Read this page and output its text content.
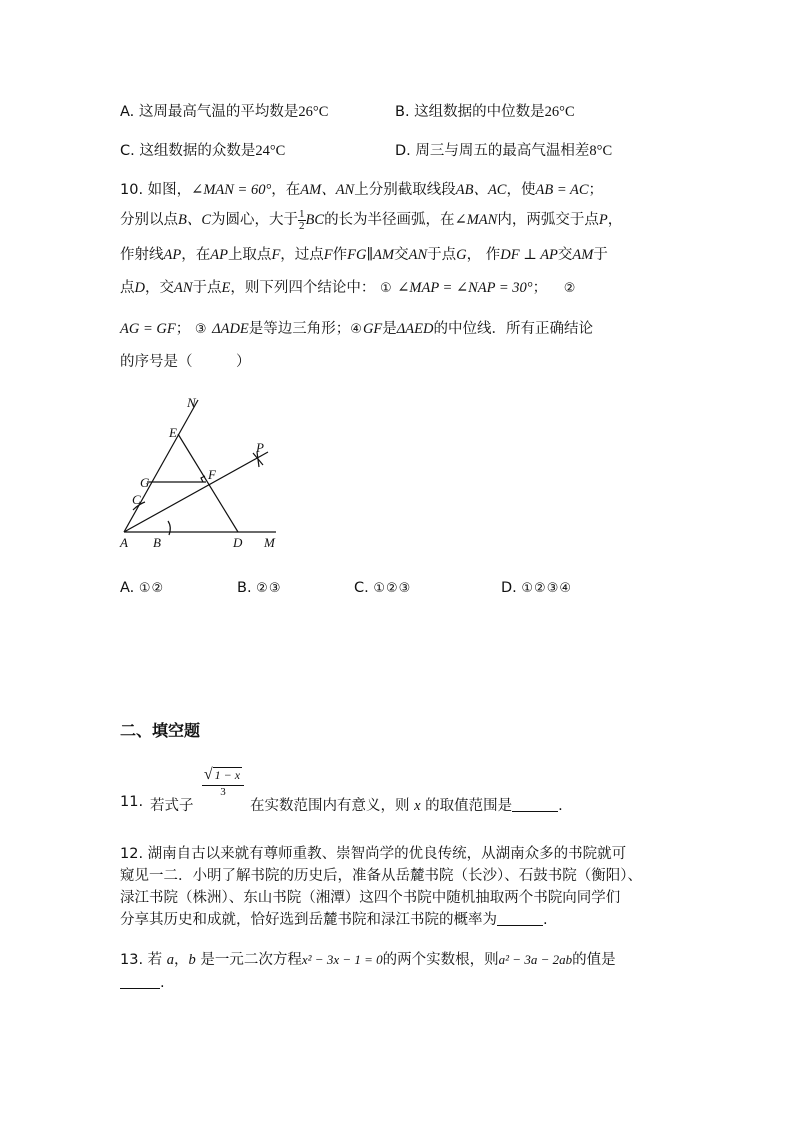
A. 这周最高气温的平均数是26°C	B. 这组数据的中位数是26°C
C. 这组数据的众数是24°C	D. 周三与周五的最高气温相差8°C
10. 如图，∠MAN = 60°，在AM、AN上分别截取线段AB、AC，使AB = AC；
分别以点B、C为圆心，大于 $\frac{1}{2}$ BC的长为半径画弧，在∠MAN内，两弧交于点P，
作射线AP，在AP上取点F，过点F作FG∥AM交AN于点G， 作DF ⊥ AP交AM于
点D，交AN于点E，则下列四个结论中： ① ∠MAP = ∠NAP = 30°； ②
AG = GF； ③ ΔADE是等边三角形；④GF是ΔAED的中位线．所有正确结论
的序号是（　　　）
N
E
P
G
F
C
A B	D M
A. ①②	B. ②③	C. ①②③	D. ①②③④
二、填空题
11. 若式子
√ 1 − x
3
在实数范围内有意义，则 x 的取值范围是	.
12. 湖南自古以来就有尊师重教、崇智尚学的优良传统，从湖南众多的书院就可
窥见一二．小明了解书院的历史后，准备从岳麓书院（长沙）、石鼓书院（衡阳）、
渌江书院（株洲）、东山书院（湘潭）这四个书院中随机抽取两个书院向同学们
分享其历史和成就，恰好选到岳麓书院和渌江书院的概率为	.
13. 若 a，b 是一元二次方程x² − 3x − 1 = 0的两个实数根，则a² − 3a − 2ab的值是
.
